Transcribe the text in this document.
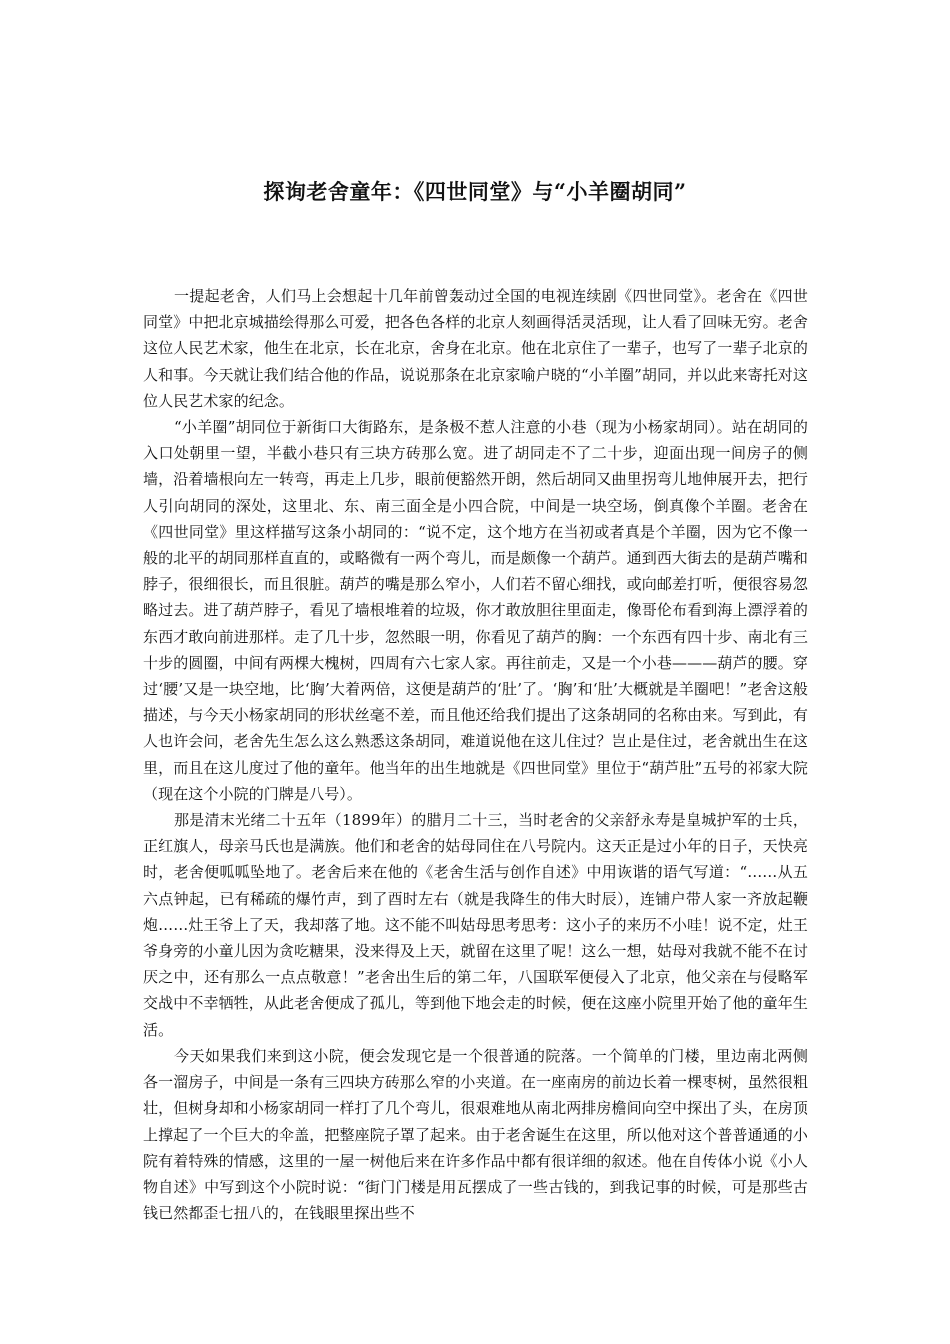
探询老舍童年：《四世同堂》与“小羊圈胡同”

一提起老舍，人们马上会想起十几年前曾轰动过全国的电视连续剧《四世同堂》。老舍在《四世同堂》中把北京城描绘得那么可爱，把各色各样的北京人刻画得活灵活现，让人看了回味无穷。老舍这位人民艺术家，他生在北京，长在北京，舍身在北京。他在北京住了一辈子，也写了一辈子北京的人和事。今天就让我们结合他的作品，说说那条在北京家喻户晓的“小羊圈”胡同，并以此来寄托对这位人民艺术家的纪念。

“小羊圈”胡同位于新街口大街路东，是条极不惹人注意的小巷（现为小杨家胡同）。站在胡同的入口处朝里一望，半截小巷只有三块方砖那么宽。进了胡同走不了二十步，迎面出现一间房子的侧墙，沿着墙根向左一转弯，再走上几步，眼前便豁然开朗，然后胡同又曲里拐弯儿地伸展开去，把行人引向胡同的深处，这里北、东、南三面全是小四合院，中间是一块空场，倒真像个羊圈。老舍在《四世同堂》里这样描写这条小胡同的：“说不定，这个地方在当初或者真是个羊圈，因为它不像一般的北平的胡同那样直直的，或略微有一两个弯儿，而是颇像一个葫芦。通到西大街去的是葫芦嘴和脖子，很细很长，而且很脏。葫芦的嘴是那么窄小，人们若不留心细找，或向邮差打听，便很容易忽略过去。进了葫芦脖子，看见了墙根堆着的垃圾，你才敢放胆往里面走，像哥伦布看到海上漂浮着的东西才敢向前进那样。走了几十步，忽然眼一明，你看见了葫芦的胸：一个东西有四十步、南北有三十步的圆圈，中间有两棵大槐树，四周有六七家人家。再往前走，又是一个小巷———葫芦的腰。穿过‘腰’又是一块空地，比‘胸’大着两倍，这便是葫芦的‘肚’了。‘胸’和‘肚’大概就是羊圈吧！”老舍这般描述，与今天小杨家胡同的形状丝毫不差，而且他还给我们提出了这条胡同的名称由来。写到此，有人也许会问，老舍先生怎么这么熟悉这条胡同，难道说他在这儿住过？岂止是住过，老舍就出生在这里，而且在这儿度过了他的童年。他当年的出生地就是《四世同堂》里位于“葫芦肚”五号的祁家大院（现在这个小院的门牌是八号）。

那是清末光绪二十五年（1899年）的腊月二十三，当时老舍的父亲舒永寿是皇城护军的士兵，正红旗人，母亲马氏也是满族。他们和老舍的姑母同住在八号院内。这天正是过小年的日子，天快亮时，老舍便呱呱坠地了。老舍后来在他的《老舍生活与创作自述》中用诙谐的语气写道：“……从五六点钟起，已有稀疏的爆竹声，到了酉时左右（就是我降生的伟大时辰），连铺户带人家一齐放起鞭炮……灶王爷上了天，我却落了地。这不能不叫姑母思考思考：这小子的来历不小哇！说不定，灶王爷身旁的小童儿因为贪吃糖果，没来得及上天，就留在这里了呢！这么一想，姑母对我就不能不在讨厌之中，还有那么一点点敬意！”老舍出生后的第二年，八国联军便侵入了北京，他父亲在与侵略军交战中不幸牺牲，从此老舍便成了孤儿，等到他下地会走的时候，便在这座小院里开始了他的童年生活。

今天如果我们来到这小院，便会发现它是一个很普通的院落。一个简单的门楼，里边南北两侧各一溜房子，中间是一条有三四块方砖那么窄的小夹道。在一座南房的前边长着一棵枣树，虽然很粗壮，但树身却和小杨家胡同一样打了几个弯儿，很艰难地从南北两排房檐间向空中探出了头，在房顶上撑起了一个巨大的伞盖，把整座院子罩了起来。由于老舍诞生在这里，所以他对这个普普通通的小院有着特殊的情感，这里的一屋一树他后来在许多作品中都有很详细的叙述。他在自传体小说《小人物自述》中写到这个小院时说：“街门门楼是用瓦摆成了一些古钱的，到我记事的时候，可是那些古钱已然都歪七扭八的，在钱眼里探出些不
